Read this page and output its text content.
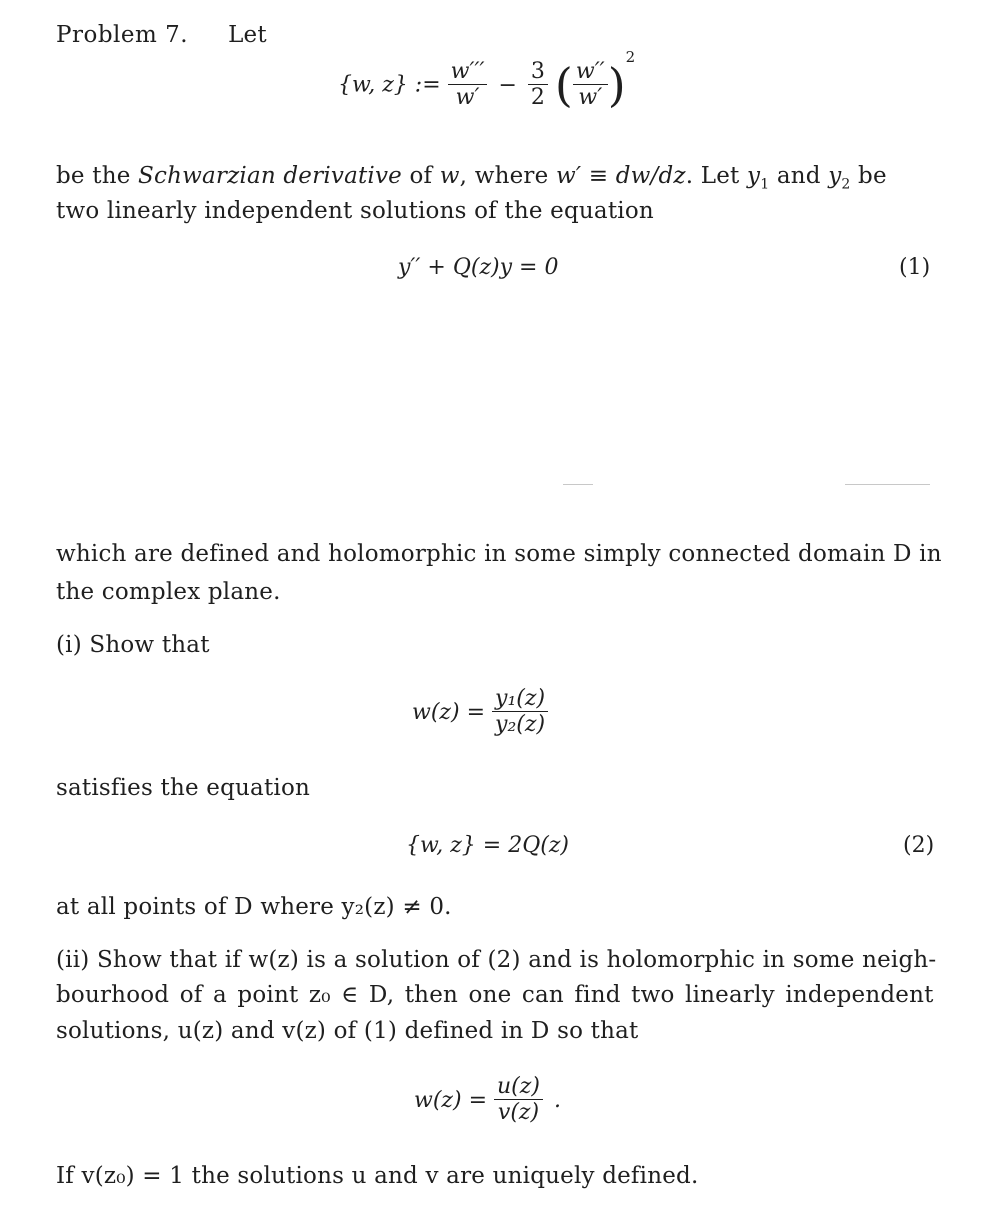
Problem 7. Let
{w, z} := $\frac{w'''}{w'} - \frac{3}{2}$ ( $\frac{w''}{w'} )^2$
be the Schwarzian derivative of w, where w′ ≡ dw/dz. Let $y_1$ and $y_2$ be
two linearly independent solutions of the equation
y′′ + Q(z)y = 0	(1)
which are defined and holomorphic in some simply connected domain D in
the complex plane.
(i) Show that
$w(z) = \frac{\text{y₁(z)}}{\text{y₂(z)}}$
satisfies the equation
{w, z} = 2Q(z)	(2)
at all points of D where y₂(z) ≠ 0.
(ii) Show that if w(z) is a solution of (2) and is holomorphic in some neigh-
bourhood of a point z₀ ∈ D, then one can find two linearly independent
solutions, u(z) and v(z) of (1) defined in D so that
$w(z) = \frac{u(z)}{v(z)}$ .
If v(z₀) = 1 the solutions u and v are uniquely defined.
